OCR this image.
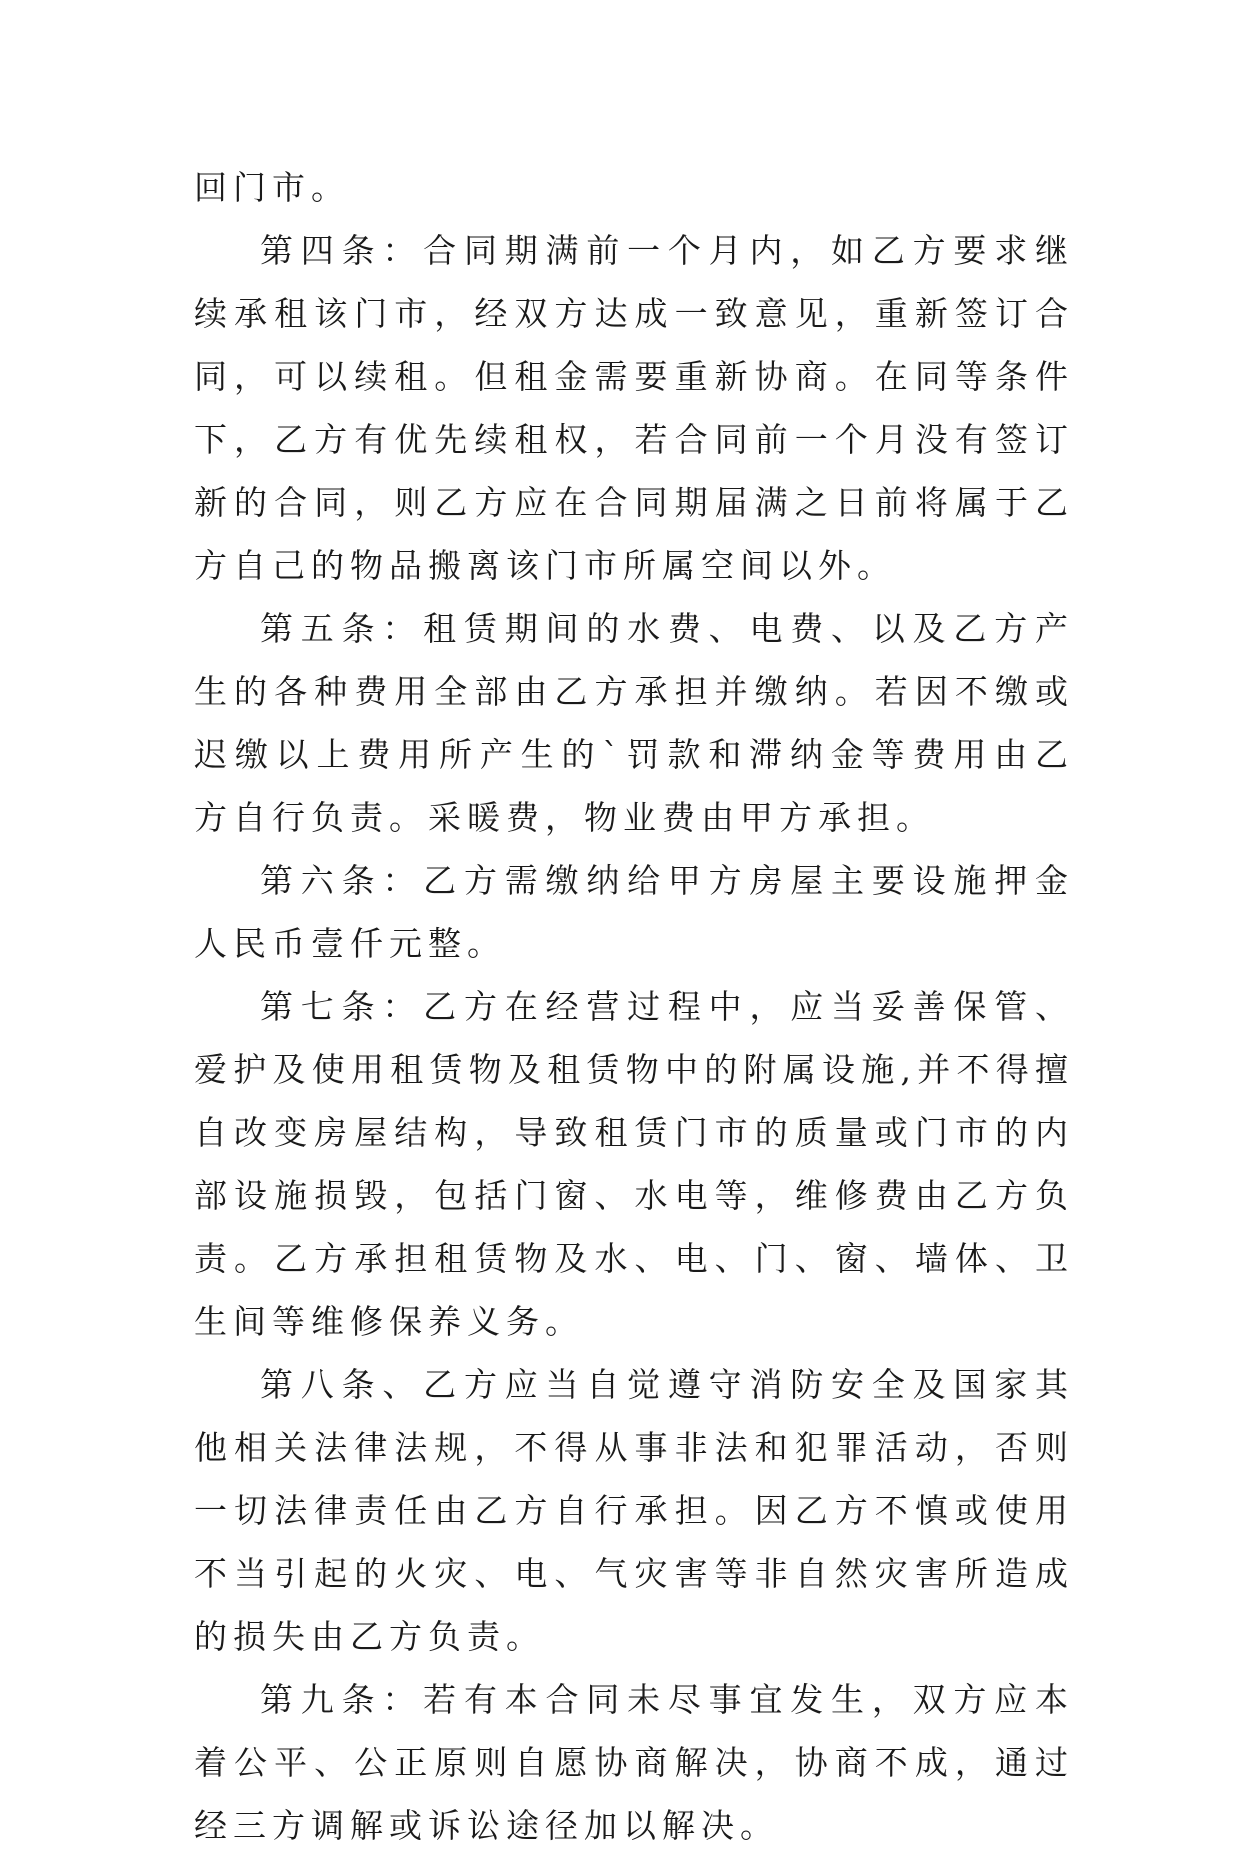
回门市。

第四条：合同期满前一个月内，如乙方要求继续承租该门市，经双方达成一致意见，重新签订合同，可以续租。但租金需要重新协商。在同等条件下，乙方有优先续租权，若合同前一个月没有签订新的合同，则乙方应在合同期届满之日前将属于乙方自己的物品搬离该门市所属空间以外。

第五条：租赁期间的水费、电费、以及乙方产生的各种费用全部由乙方承担并缴纳。若因不缴或迟缴以上费用所产生的`罚款和滞纳金等费用由乙方自行负责。采暖费，物业费由甲方承担。

第六条：乙方需缴纳给甲方房屋主要设施押金人民币壹仟元整。

第七条：乙方在经营过程中，应当妥善保管、爱护及使用租赁物及租赁物中的附属设施,并不得擅自改变房屋结构，导致租赁门市的质量或门市的内部设施损毁，包括门窗、水电等，维修费由乙方负责。乙方承担租赁物及水、电、门、窗、墙体、卫生间等维修保养义务。

第八条、乙方应当自觉遵守消防安全及国家其他相关法律法规，不得从事非法和犯罪活动，否则一切法律责任由乙方自行承担。因乙方不慎或使用不当引起的火灾、电、气灾害等非自然灾害所造成的损失由乙方负责。

第九条：若有本合同未尽事宜发生，双方应本着公平、公正原则自愿协商解决，协商不成，通过经三方调解或诉讼途径加以解决。
